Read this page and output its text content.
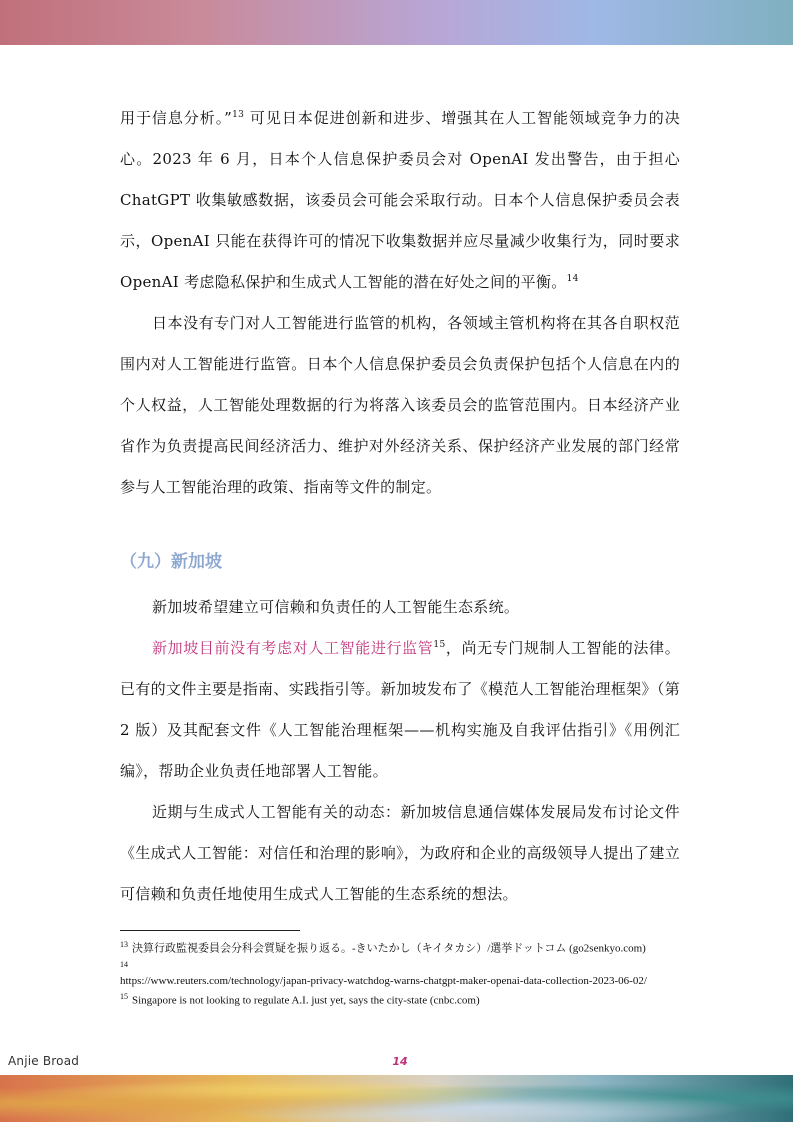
用于信息分析。”$^{13}$ 可见日本促进创新和进步、增强其在人工智能领域竞争力的决心。2023 年 6 月，日本个人信息保护委员会对 OpenAI 发出警告，由于担心 ChatGPT 收集敏感数据，该委员会可能会采取行动。日本个人信息保护委员会表示，OpenAI 只能在获得许可的情况下收集数据并应尽量减少收集行为，同时要求 OpenAI 考虑隐私保护和生成式人工智能的潜在好处之间的平衡。$^{14}$

日本没有专门对人工智能进行监管的机构，各领域主管机构将在其各自职权范围内对人工智能进行监管。日本个人信息保护委员会负责保护包括个人信息在内的个人权益，人工智能处理数据的行为将落入该委员会的监管范围内。日本经济产业省作为负责提高民间经济活力、维护对外经济关系、保护经济产业发展的部门经常参与人工智能治理的政策、指南等文件的制定。

（九）新加坡

新加坡希望建立可信赖和负责任的人工智能生态系统。

新加坡目前没有考虑对人工智能进行监管$^{15}$，尚无专门规制人工智能的法律。已有的文件主要是指南、实践指引等。新加坡发布了《模范人工智能治理框架》（第 2 版）及其配套文件《人工智能治理框架——机构实施及自我评估指引》《用例汇编》，帮助企业负责任地部署人工智能。

近期与生成式人工智能有关的动态：新加坡信息通信媒体发展局发布讨论文件《生成式人工智能：对信任和治理的影响》，为政府和企业的高级领导人提出了建立可信赖和负责任地使用生成式人工智能的生态系统的想法。

$^{13}$ 決算行政監視委員会分科会質疑を振り返る。-きいたかし（キイタカシ）/選挙ドットコム (go2senkyo.com)

$^{14}$
https://www.reuters.com/technology/japan-privacy-watchdog-warns-chatgpt-maker-openai-data-collection-2023-06-02/

$^{15}$ Singapore is not looking to regulate A.I. just yet, says the city-state (cnbc.com)

Anjie Broad	14
